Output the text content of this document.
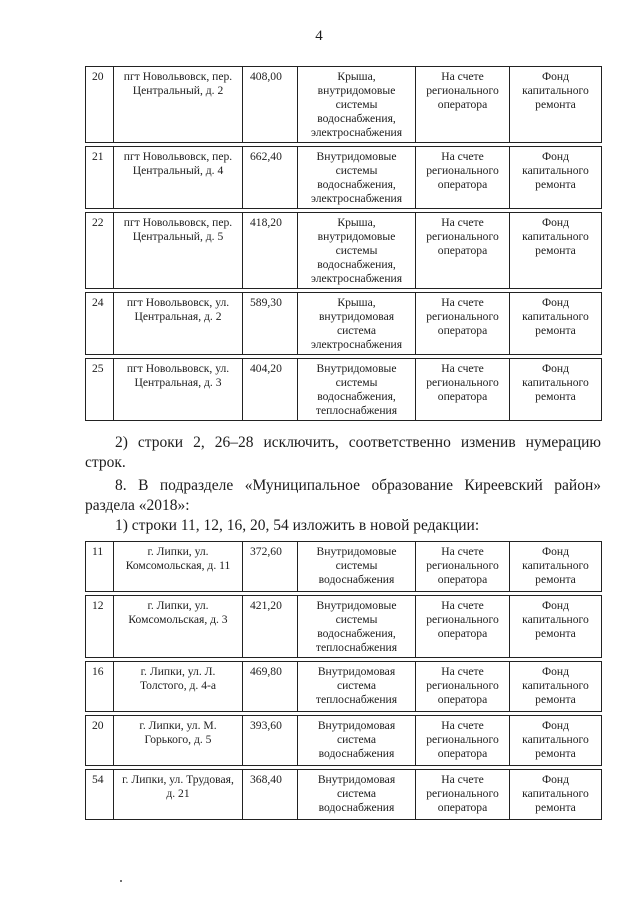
4
20	пгт Новольвовск, пер. Центральный, д. 2	408,00	Крыша, внутридомовые системы водоснабжения, электроснабжения	На счете регионального оператора	Фонд капитального ремонта

21	пгт Новольвовск, пер. Центральный, д. 4	662,40	Внутридомовые системы водоснабжения, электроснабжения	На счете регионального оператора	Фонд капитального ремонта

22	пгт Новольвовск, пер. Центральный, д. 5	418,20	Крыша, внутридомовые системы водоснабжения, электроснабжения	На счете регионального оператора	Фонд капитального ремонта

24	пгт Новольвовск, ул. Центральная, д. 2	589,30	Крыша, внутридомовая система электроснабжения	На счете регионального оператора	Фонд капитального ремонта

25	пгт Новольвовск, ул. Центральная, д. 3	404,20	Внутридомовые системы водоснабжения, теплоснабжения	На счете регионального оператора	Фонд капитального ремонта
2) строки 2, 26–28 исключить, соответственно изменив нумерацию строк.
8. В подразделе «Муниципальное образование Киреевский район» раздела «2018»:
1) строки 11, 12, 16, 20, 54 изложить в новой редакции:
11	г. Липки, ул. Комсомольская, д. 11	372,60	Внутридомовые системы водоснабжения	На счете регионального оператора	Фонд капитального ремонта

12	г. Липки, ул. Комсомольская, д. 3	421,20	Внутридомовые системы водоснабжения, теплоснабжения	На счете регионального оператора	Фонд капитального ремонта

16	г. Липки, ул. Л. Толстого, д. 4-а	469,80	Внутридомовая система теплоснабжения	На счете регионального оператора	Фонд капитального ремонта

20	г. Липки, ул. М. Горького, д. 5	393,60	Внутридомовая система водоснабжения	На счете регионального оператора	Фонд капитального ремонта

54	г. Липки, ул. Трудовая, д. 21	368,40	Внутридомовая система водоснабжения	На счете регионального оператора	Фонд капитального ремонта
